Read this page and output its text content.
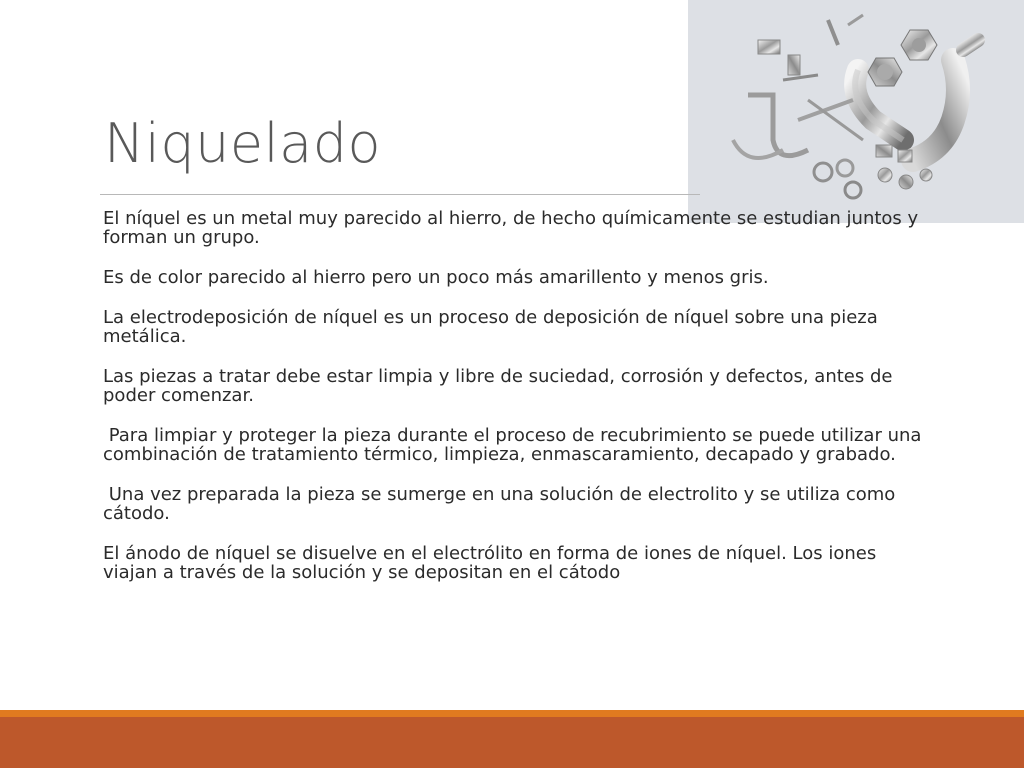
Niquelado

El níquel es un metal muy parecido al hierro, de hecho químicamente se estudian juntos y forman un grupo.

Es de color parecido al hierro pero un poco más amarillento y menos gris.

La electrodeposición de níquel es un proceso de deposición de níquel sobre una pieza metálica.

Las piezas a tratar debe estar limpia y libre de suciedad, corrosión y defectos, antes de poder comenzar.

Para limpiar y proteger la pieza durante el proceso de recubrimiento se puede utilizar una combinación de tratamiento térmico, limpieza, enmascaramiento, decapado y grabado.

Una vez preparada la pieza se sumerge en una solución de electrolito y se utiliza como cátodo.

El ánodo de níquel se disuelve en el electrólito en forma de iones de níquel. Los iones viajan a través de la solución y se depositan en el cátodo
